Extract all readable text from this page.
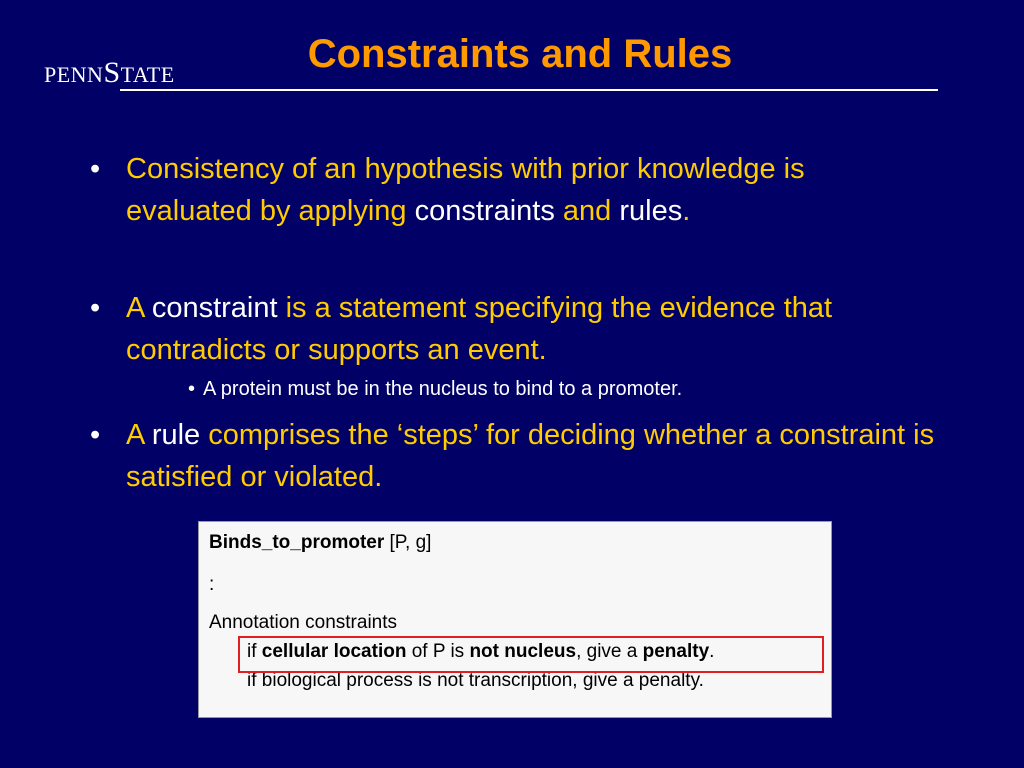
PENNSTATE	Constraints and Rules
• Consistency of an hypothesis with prior knowledge is evaluated by applying constraints and rules.
• A constraint is a statement specifying the evidence that contradicts or supports an event.
• A protein must be in the nucleus to bind to a promoter.
• A rule comprises the ‘steps’ for deciding whether a constraint is satisfied or violated.
Binds_to_promoter [P, g]
:
Annotation constraints
if cellular location of P is not nucleus, give a penalty.
if biological process is not transcription, give a penalty.
